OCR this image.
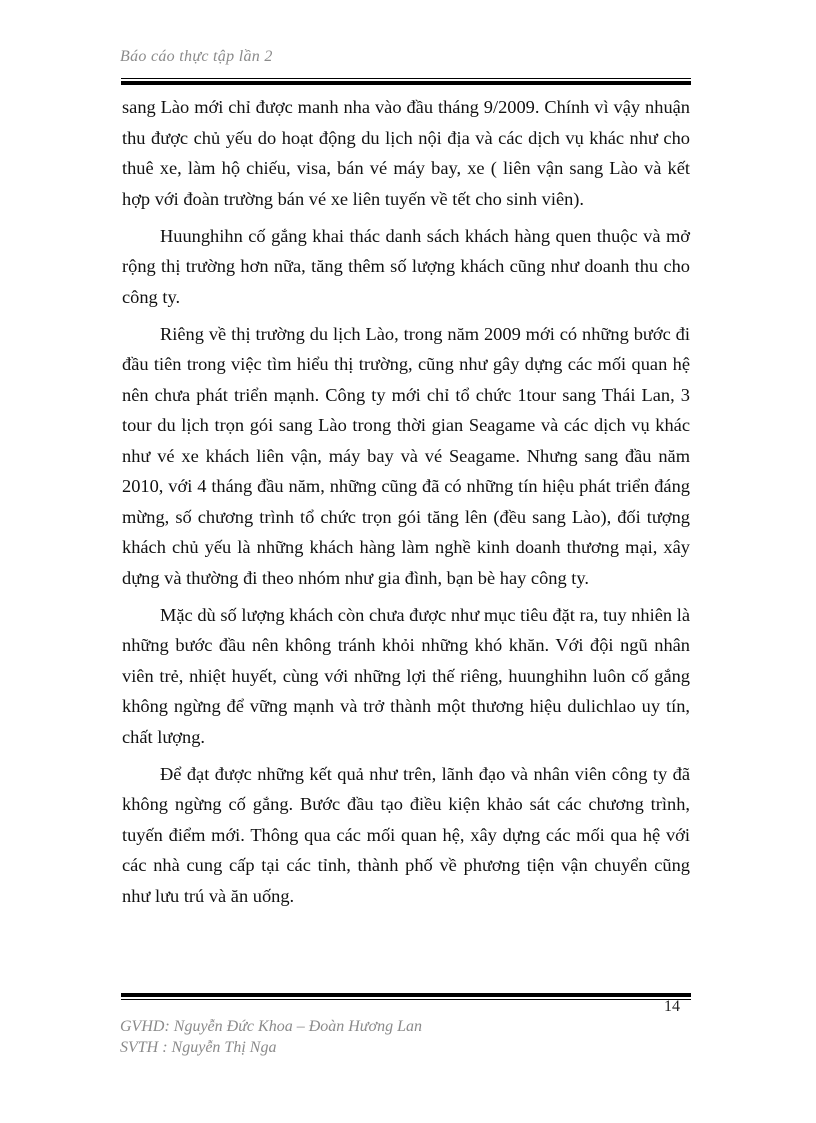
Báo cáo thực tập lần 2

sang Lào mới chỉ được manh nha vào đầu tháng 9/2009. Chính vì vậy nhuận thu được chủ yếu do hoạt động du lịch nội địa và các dịch vụ khác như cho thuê xe, làm hộ chiếu, visa, bán vé máy bay, xe ( liên vận sang Lào và kết hợp với đoàn trường bán vé xe liên tuyến về tết cho sinh viên).

Huunghihn cố gắng khai thác danh sách khách hàng quen thuộc và mở rộng thị trường hơn nữa, tăng thêm số lượng khách cũng như doanh thu cho công ty.

Riêng về thị trường du lịch Lào, trong năm 2009 mới có những bước đi đầu tiên trong việc tìm hiểu thị trường, cũng như gây dựng các mối quan hệ nên chưa phát triển mạnh. Công ty mới chỉ tổ chức 1tour sang Thái Lan, 3 tour du lịch trọn gói sang Lào trong thời gian Seagame và các dịch vụ khác như vé xe khách liên vận, máy bay và vé Seagame. Nhưng sang đầu năm 2010, với 4 tháng đầu năm, những cũng đã có những tín hiệu phát triển đáng mừng, số chương trình tổ chức trọn gói tăng lên (đều sang Lào), đối tượng khách chủ yếu là những khách hàng làm nghề kinh doanh thương mại, xây dựng và thường đi theo nhóm như gia đình, bạn bè hay công ty.

Mặc dù số lượng khách còn chưa được như mục tiêu đặt ra, tuy nhiên là những bước đầu nên không tránh khỏi những khó khăn. Với đội ngũ nhân viên trẻ, nhiệt huyết, cùng với những lợi thế riêng, huunghihn luôn cố gắng không ngừng để vững mạnh và trở thành một thương hiệu dulichlao uy tín, chất lượng.

Để đạt được những kết quả như trên, lãnh đạo và nhân viên công ty đã không ngừng cố gắng. Bước đầu tạo điều kiện khảo sát các chương trình, tuyến điểm mới. Thông qua các mối quan hệ, xây dựng các mối qua hệ với các nhà cung cấp tại các tỉnh, thành phố về phương tiện vận chuyển cũng như lưu trú và ăn uống.

14
GVHD: Nguyễn Đức Khoa – Đoàn Hương Lan
SVTH : Nguyễn Thị Nga
